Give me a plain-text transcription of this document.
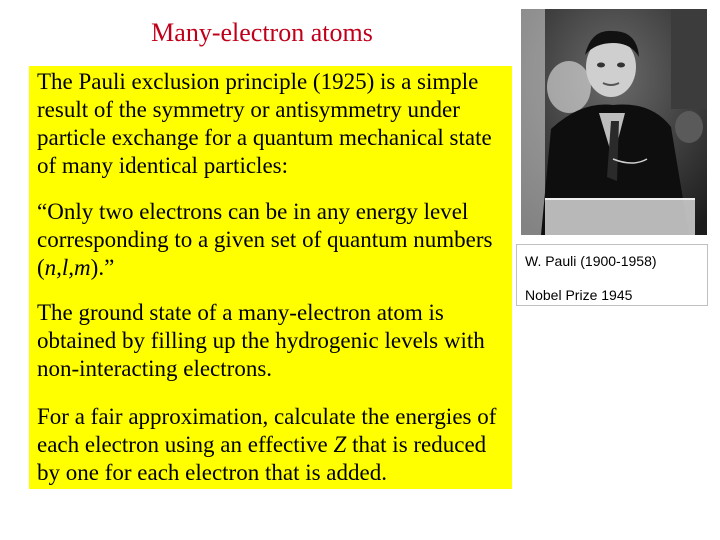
Many-electron atoms

The Pauli exclusion principle (1925) is a simple result of the symmetry or antisymmetry under particle exchange for a quantum mechanical state of many identical particles:

“Only two electrons can be in any energy level corresponding to a given set of quantum numbers (n,l,m).”

The ground state of a many-electron atom is obtained by filling up the hydrogenic levels with non-interacting electrons.

For a fair approximation, calculate the energies of each electron using an effective Z that is reduced by one for each electron that is added.

W. Pauli (1900-1958)
Nobel Prize 1945
